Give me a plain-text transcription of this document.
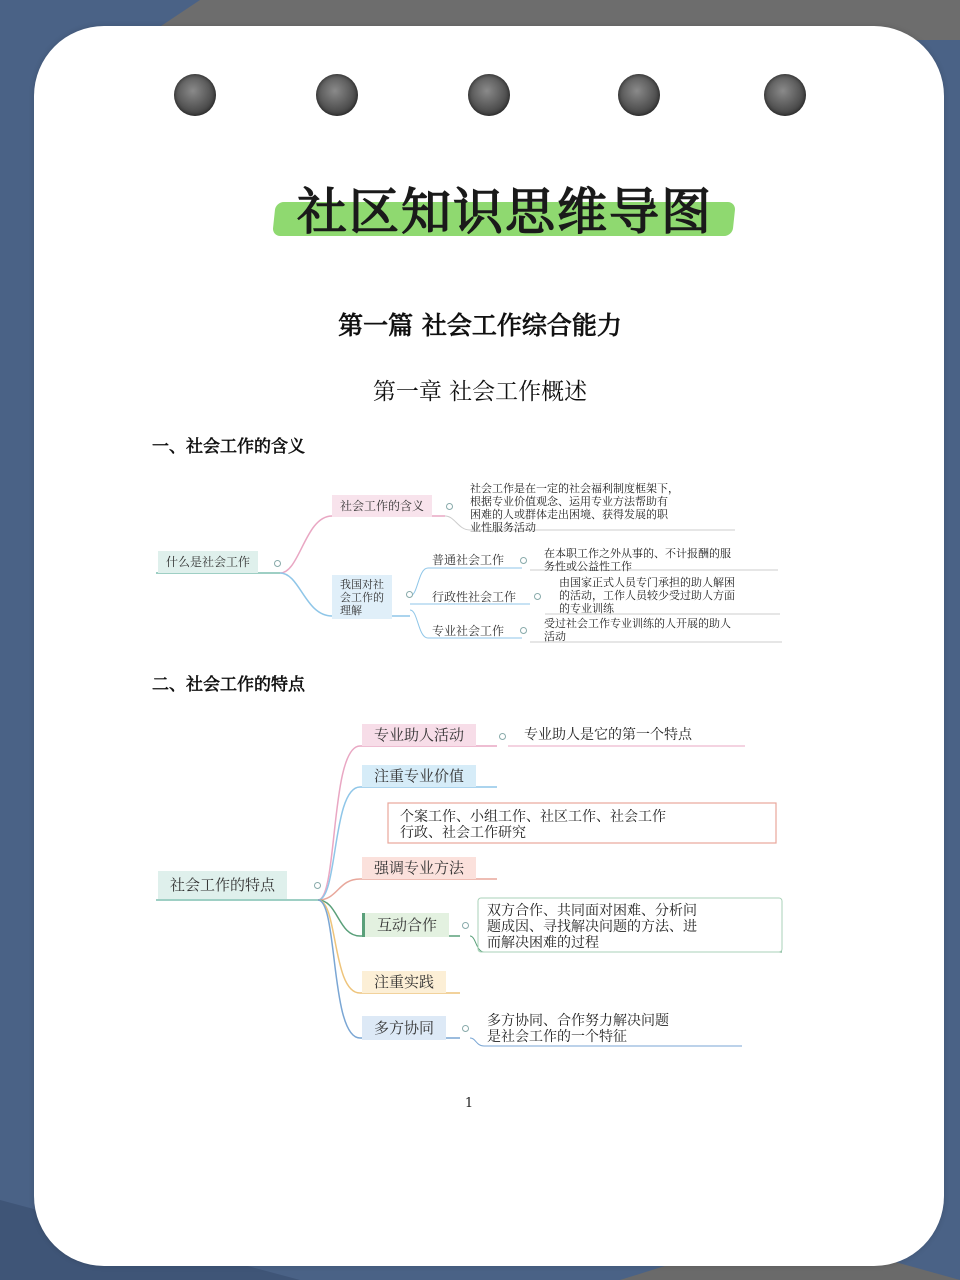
社区知识思维导图
第一篇 社会工作综合能力
第一章 社会工作概述
一、社会工作的含义
二、社会工作的特点
什么是社会工作
社会工作的含义
社会工作是在一定的社会福利制度框架下，
根据专业价值观念、运用专业方法帮助有
困难的人或群体走出困境、获得发展的职
业性服务活动
我国对社
会工作的
理解
普通社会工作	在本职工作之外从事的、不计报酬的服
务性或公益性工作
行政性社会工作
由国家正式人员专门承担的助人解困
的活动，工作人员较少受过助人方面
的专业训练
专业社会工作
受过社会工作专业训练的人开展的助人
活动
社会工作的特点
专业助人活动	专业助人是它的第一个特点
注重专业价值
个案工作、小组工作、社区工作、社会工作
行政、社会工作研究
强调专业方法
互动合作
双方合作、共同面对困难、分析问
题成因、寻找解决问题的方法、进
而解决困难的过程
注重实践
多方协同	多方协同、合作努力解决问题
是社会工作的一个特征
1
